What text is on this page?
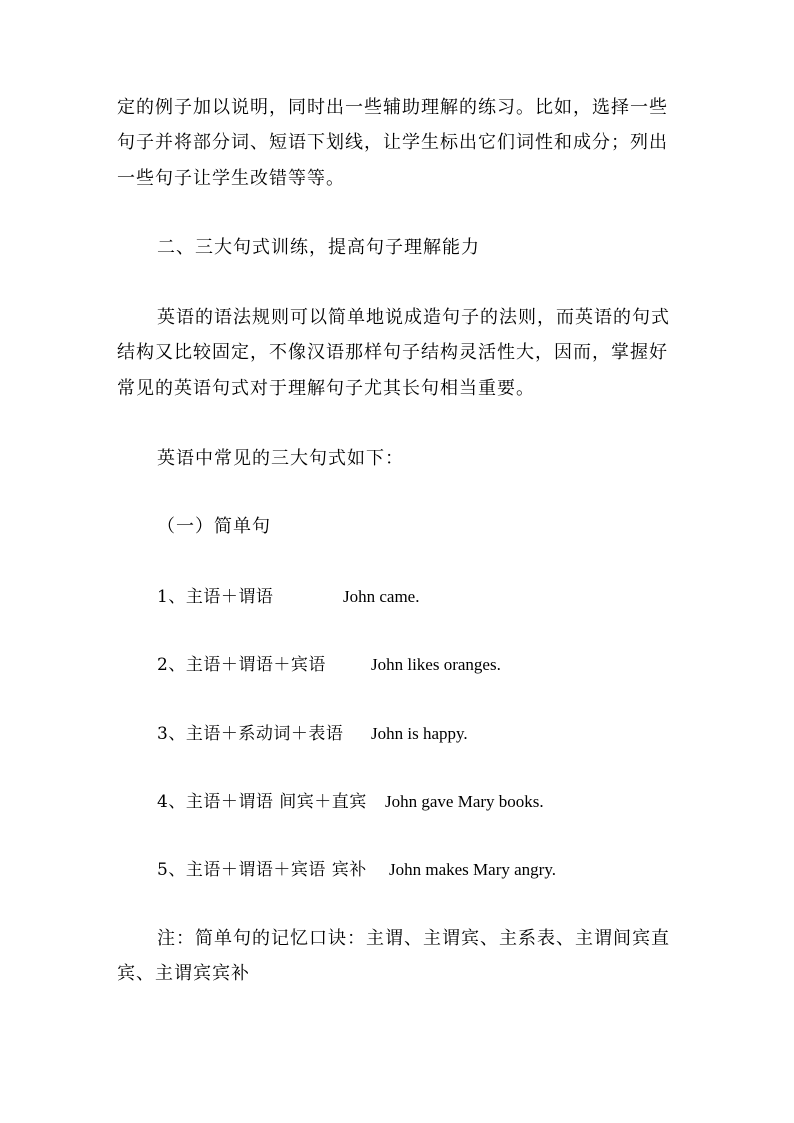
定的例子加以说明，同时出一些辅助理解的练习。比如，选择一些
句子并将部分词、短语下划线，让学生标出它们词性和成分；列出
一些句子让学生改错等等。
二、三大句式训练，提高句子理解能力
英语的语法规则可以简单地说成造句子的法则，而英语的句式
结构又比较固定，不像汉语那样句子结构灵活性大，因而，掌握好
常见的英语句式对于理解句子尤其长句相当重要。
英语中常见的三大句式如下：
（一）简单句
1、主语＋谓语	John came.
2、主语＋谓语＋宾语	John likes oranges.
3、主语＋系动词＋表语 John is happy.
4、主语＋谓语 间宾＋直宾 John gave Mary books.
5、主语＋谓语＋宾语 宾补 John makes Mary angry.
注：简单句的记忆口诀：主谓、主谓宾、主系表、主谓间宾直
宾、主谓宾宾补
